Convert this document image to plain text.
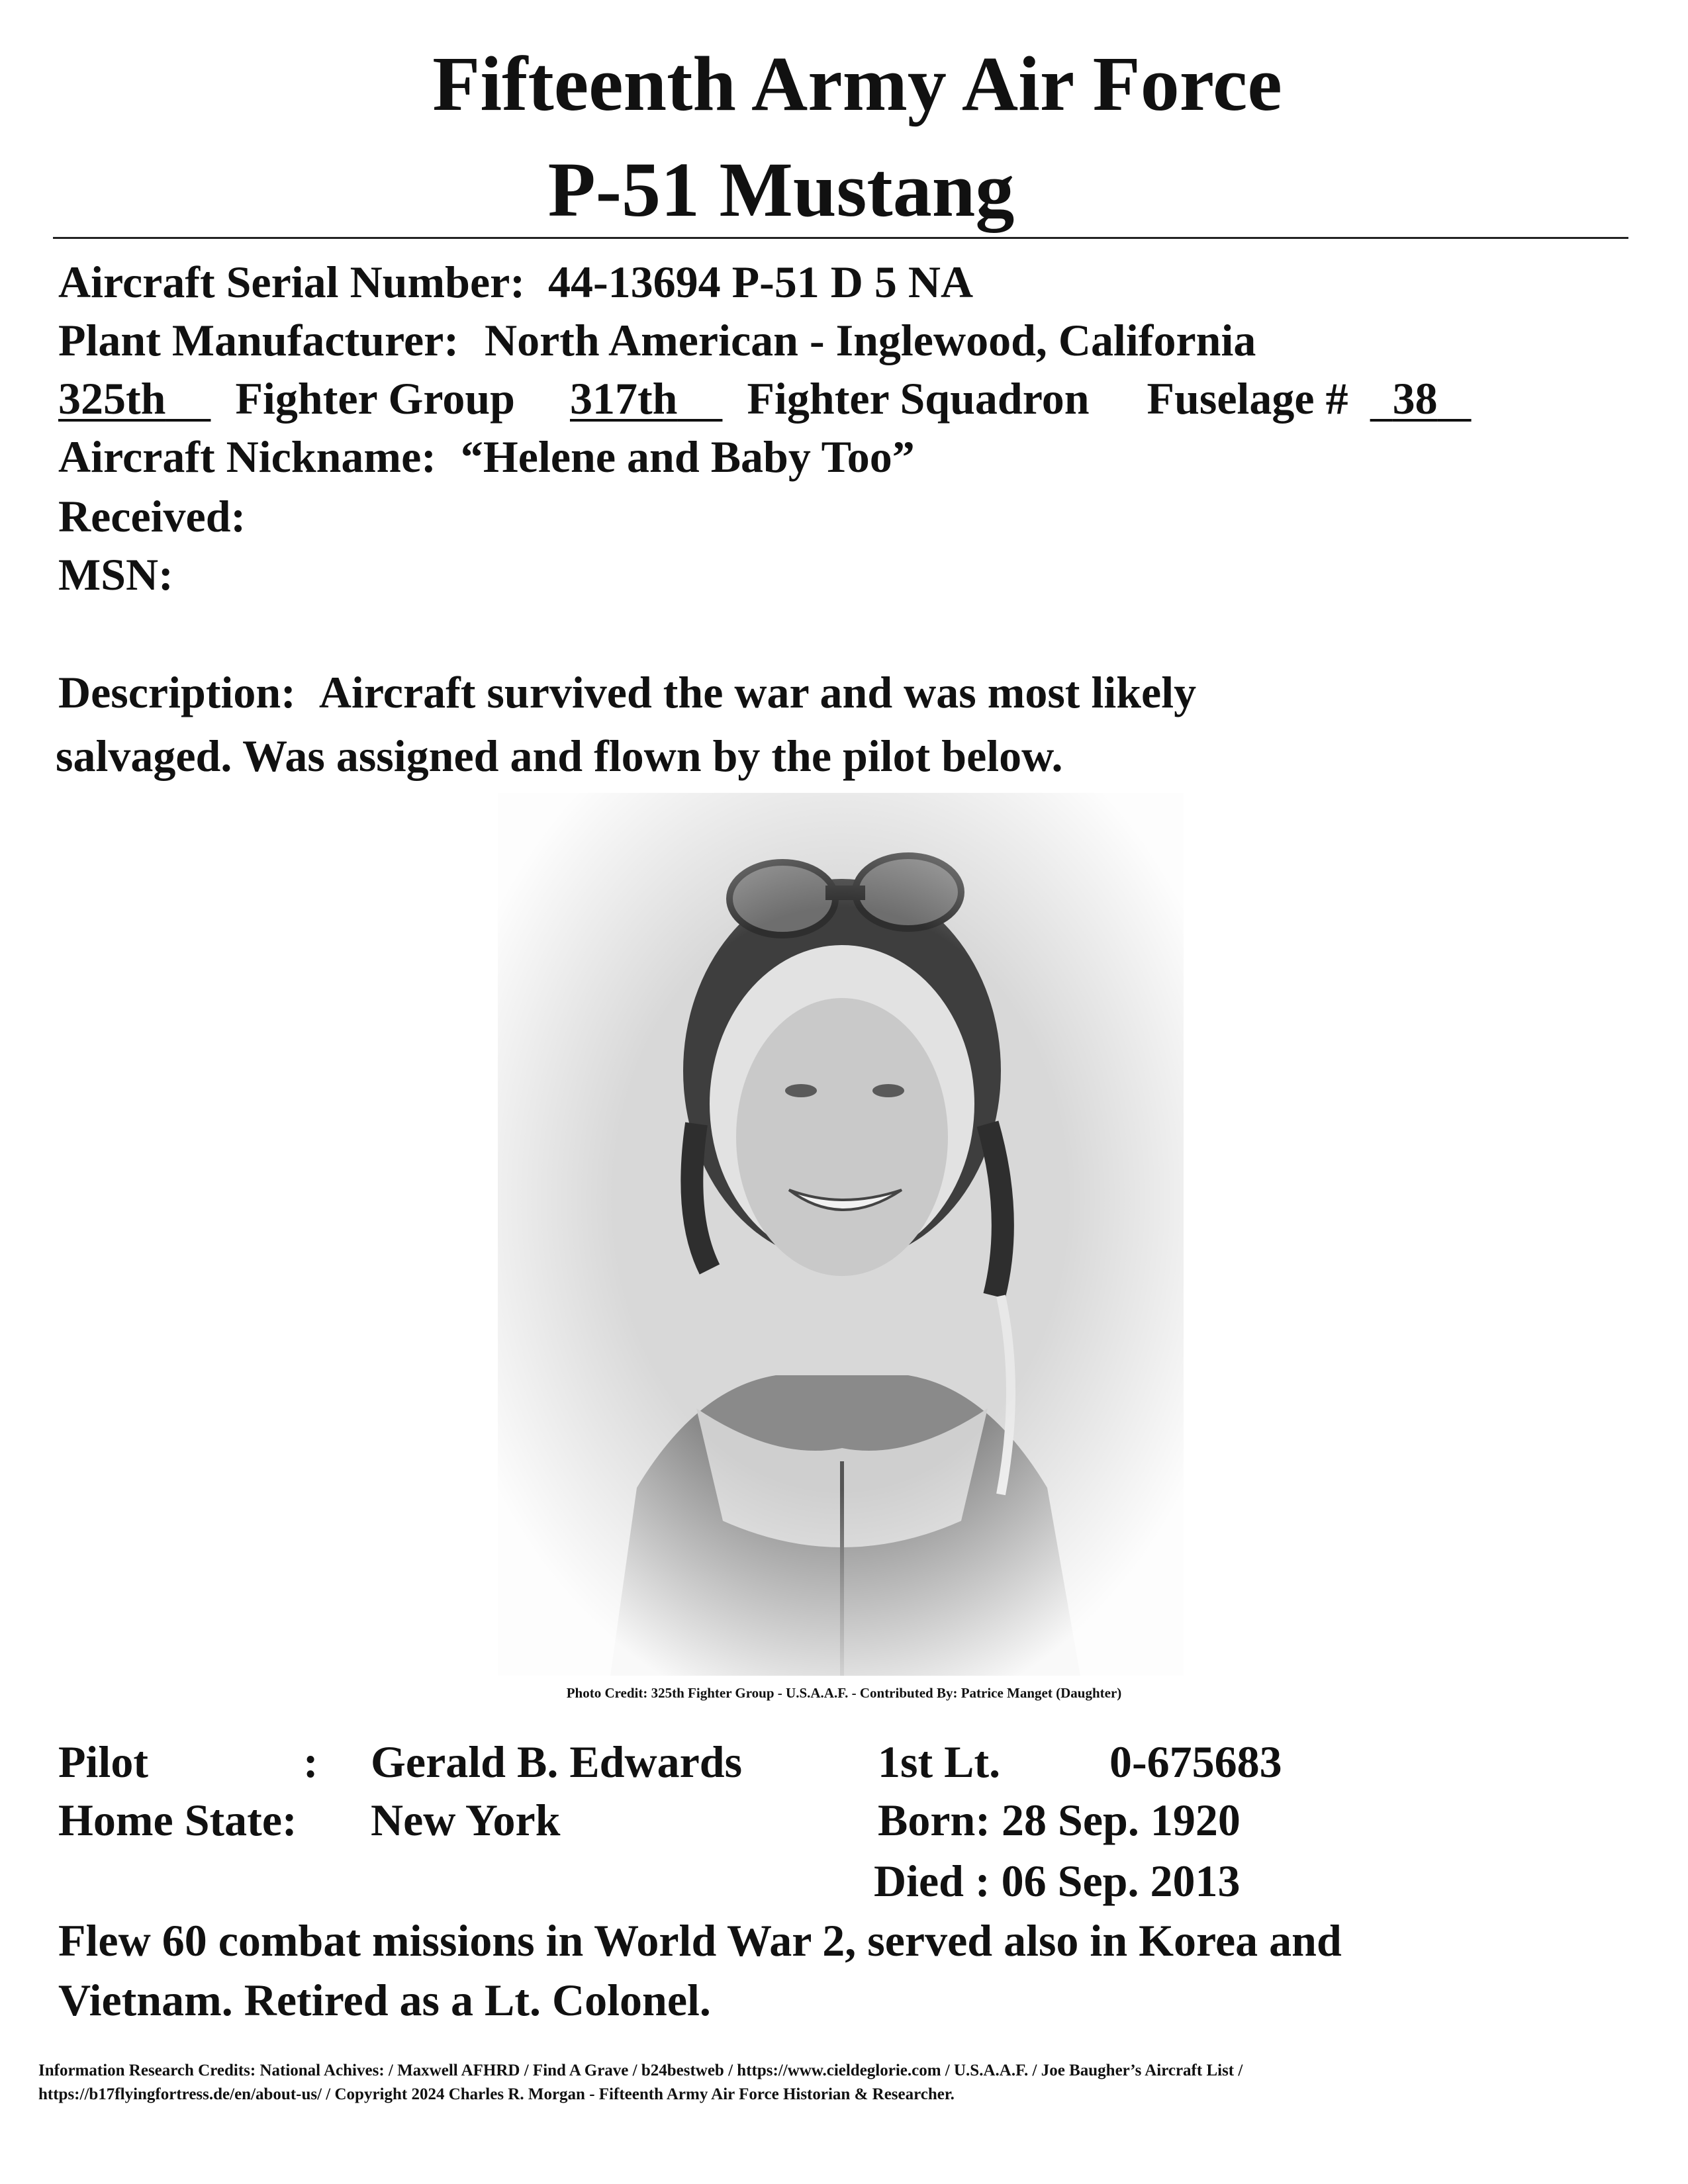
Fifteenth Army Air Force
P-51 Mustang
Aircraft Serial Number: 44-13694 P-51 D 5 NA
Plant Manufacturer: North American - Inglewood, California
325th Fighter Group 317th Fighter Squadron Fuselage # 38
Aircraft Nickname: “Helene and Baby Too”
Received:
MSN:
Description: Aircraft survived the war and was most likely
salvaged. Was assigned and flown by the pilot below.
Photo Credit: 325th Fighter Group - U.S.A.A.F. - Contributed By: Patrice Manget (Daughter)
Pilot	: Gerald B. Edwards	1st Lt. 0-675683
Home State: New York	Born: 28 Sep. 1920
Died : 06 Sep. 2013
Flew 60 combat missions in World War 2, served also in Korea and
Vietnam. Retired as a Lt. Colonel.
Information Research Credits: National Achives: / Maxwell AFHRD / Find A Grave / b24bestweb / https://www.cieldeglorie.com / U.S.A.A.F. / Joe Baugher’s Aircraft List /
https://b17flyingfortress.de/en/about-us/ / Copyright 2024 Charles R. Morgan - Fifteenth Army Air Force Historian & Researcher.
